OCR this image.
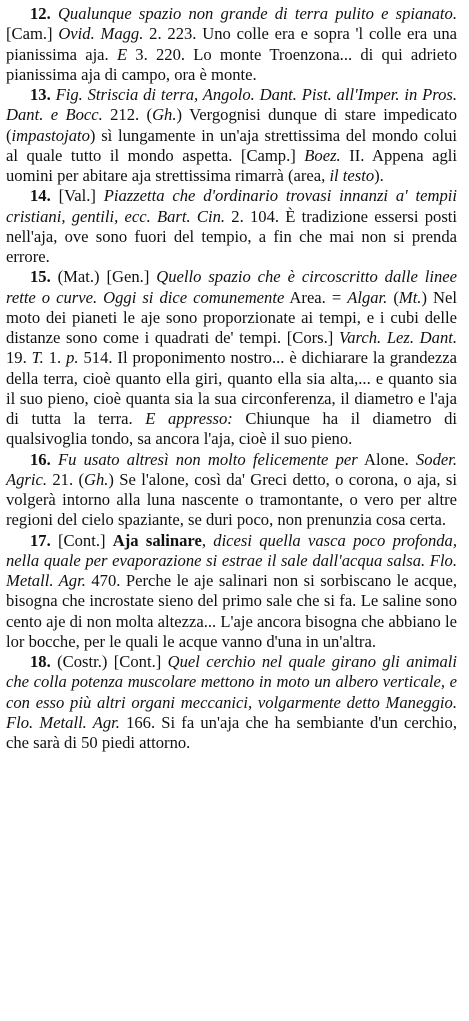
12. Qualunque spazio non grande di terra pulito e spianato. [Cam.] Ovid. Magg. 2. 223. Uno colle era e sopra 'l colle era una pianissima aja. E 3. 220. Lo monte Troenzona... di qui adrieto pianissima aja di campo, ora è monte.

13. Fig. Striscia di terra, Angolo. Dant. Pist. all'Imper. in Pros. Dant. e Bocc. 212. (Gh.) Vergognisi dunque di stare impedicato (impastojato) sì lungamente in un'aja strettissima del mondo colui al quale tutto il mondo aspetta. [Camp.] Boez. II. Appena agli uomini per abitare aja strettissima rimarrà (area, il testo).

14. [Val.] Piazzetta che d'ordinario trovasi innanzi a' tempii cristiani, gentili, ecc. Bart. Cin. 2. 104. È tradizione essersi posti nell'aja, ove sono fuori del tempio, a fin che mai non si prenda errore.

15. (Mat.) [Gen.] Quello spazio che è circoscritto dalle linee rette o curve. Oggi si dice comunemente Area. = Algar. (Mt.) Nel moto dei pianeti le aje sono proporzionate ai tempi, e i cubi delle distanze sono come i quadrati de' tempi. [Cors.] Varch. Lez. Dant. 19. T. 1. p. 514. Il proponimento nostro... è dichiarare la grandezza della terra, cioè quanto ella giri, quanto ella sia alta,... e quanto sia il suo pieno, cioè quanta sia la sua circonferenza, il diametro e l'aja di tutta la terra. E appresso: Chiunque ha il diametro di qualsivoglia tondo, sa ancora l'aja, cioè il suo pieno.

16. Fu usato altresì non molto felicemente per Alone. Soder. Agric. 21. (Gh.) Se l'alone, così da' Greci detto, o corona, o aja, si volgerà intorno alla luna nascente o tramontante, o vero per altre regioni del cielo spaziante, se duri poco, non prenunzia cosa certa.

17. [Cont.] Aja salinare, dicesi quella vasca poco profonda, nella quale per evaporazione si estrae il sale dall'acqua salsa. Flo. Metall. Agr. 470. Perche le aje salinari non si sorbiscano le acque, bisogna che incrostate sieno del primo sale che si fa. Le saline sono cento aje di non molta altezza... L'aje ancora bisogna che abbiano le lor bocche, per le quali le acque vanno d'una in un'altra.

18. (Costr.) [Cont.] Quel cerchio nel quale girano gli animali che colla potenza muscolare mettono in moto un albero verticale, e con esso più altri organi meccanici, volgarmente detto Maneggio. Flo. Metall. Agr. 166. Si fa un'aja che ha sembiante d'un cerchio, che sarà di 50 piedi attorno.
